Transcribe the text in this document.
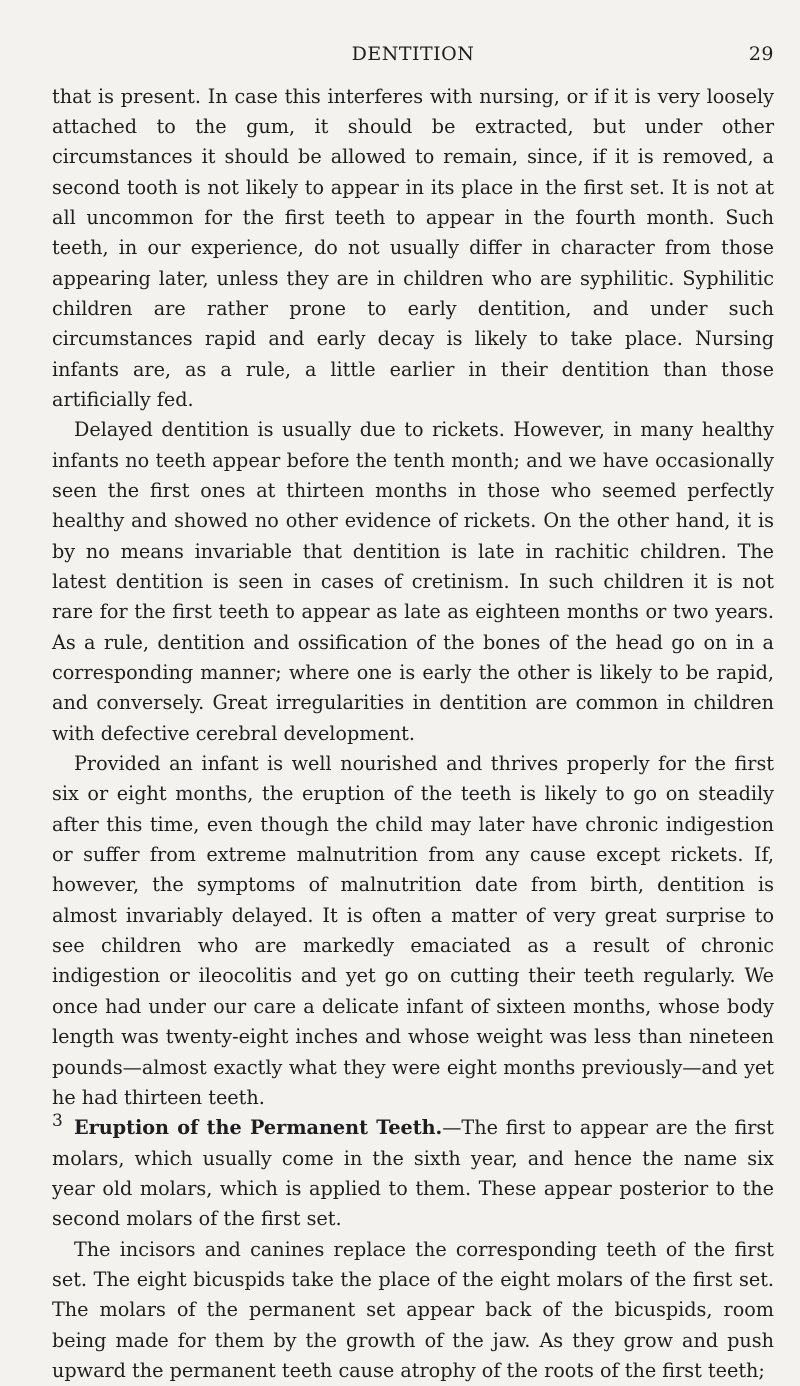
DENTITION	29

that is present. In case this interferes with nursing, or if it is very loosely attached to the gum, it should be extracted, but under other circumstances it should be allowed to remain, since, if it is removed, a second tooth is not likely to appear in its place in the first set. It is not at all uncommon for the first teeth to appear in the fourth month. Such teeth, in our experience, do not usually differ in character from those appearing later, unless they are in children who are syphilitic. Syphilitic children are rather prone to early dentition, and under such circumstances rapid and early decay is likely to take place. Nursing infants are, as a rule, a little earlier in their dentition than those artificially fed.

Delayed dentition is usually due to rickets. However, in many healthy infants no teeth appear before the tenth month; and we have occasionally seen the first ones at thirteen months in those who seemed perfectly healthy and showed no other evidence of rickets. On the other hand, it is by no means invariable that dentition is late in rachitic children. The latest dentition is seen in cases of cretinism. In such children it is not rare for the first teeth to appear as late as eighteen months or two years. As a rule, dentition and ossification of the bones of the head go on in a corresponding manner; where one is early the other is likely to be rapid, and conversely. Great irregularities in dentition are common in children with defective cerebral development.

Provided an infant is well nourished and thrives properly for the first six or eight months, the eruption of the teeth is likely to go on steadily after this time, even though the child may later have chronic indigestion or suffer from extreme malnutrition from any cause except rickets. If, however, the symptoms of malnutrition date from birth, dentition is almost invariably delayed. It is often a matter of very great surprise to see children who are markedly emaciated as a result of chronic indigestion or ileocolitis and yet go on cutting their teeth regularly. We once had under our care a delicate infant of sixteen months, whose body length was twenty-eight inches and whose weight was less than nineteen pounds—almost exactly what they were eight months previously—and yet he had thirteen teeth.

Eruption of the Permanent Teeth.—The first to appear are the first molars, which usually come in the sixth year, and hence the name six year old molars, which is applied to them. These appear posterior to the second molars of the first set.

The incisors and canines replace the corresponding teeth of the first set. The eight bicuspids take the place of the eight molars of the first set. The molars of the permanent set appear back of the bicuspids, room being made for them by the growth of the jaw. As they grow and push upward the permanent teeth cause atrophy of the roots of the first teeth;

3
